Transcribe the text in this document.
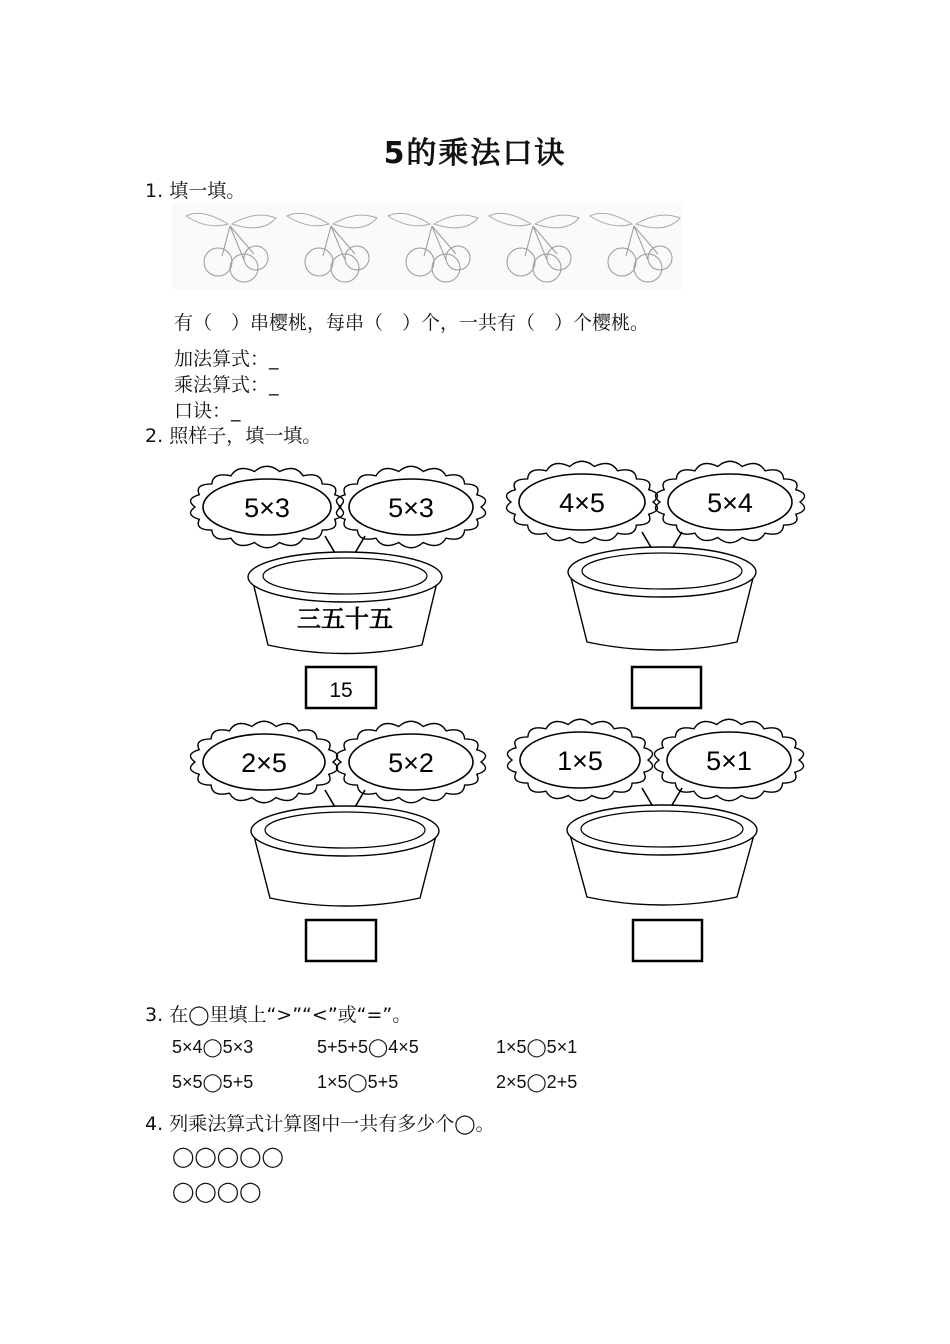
5的乘法口诀
1. 填一填。
有（　）串樱桃，每串（　）个，一共有（　）个樱桃。
加法算式：_
乘法算式：_
口诀：_
2. 照样子，填一填。
5×3	5×3
三五十五
15
4×5	5×4
2×5	5×2	1×5	5×1
3. 在◯里填上“>”“<”或“=”。
5×4◯5×3	5+5+5◯4×5	1×5◯5×1
5×5◯5+5	1×5◯5+5	2×5◯2+5
4. 列乘法算式计算图中一共有多少个◯。
◯◯◯◯◯
◯◯◯◯
